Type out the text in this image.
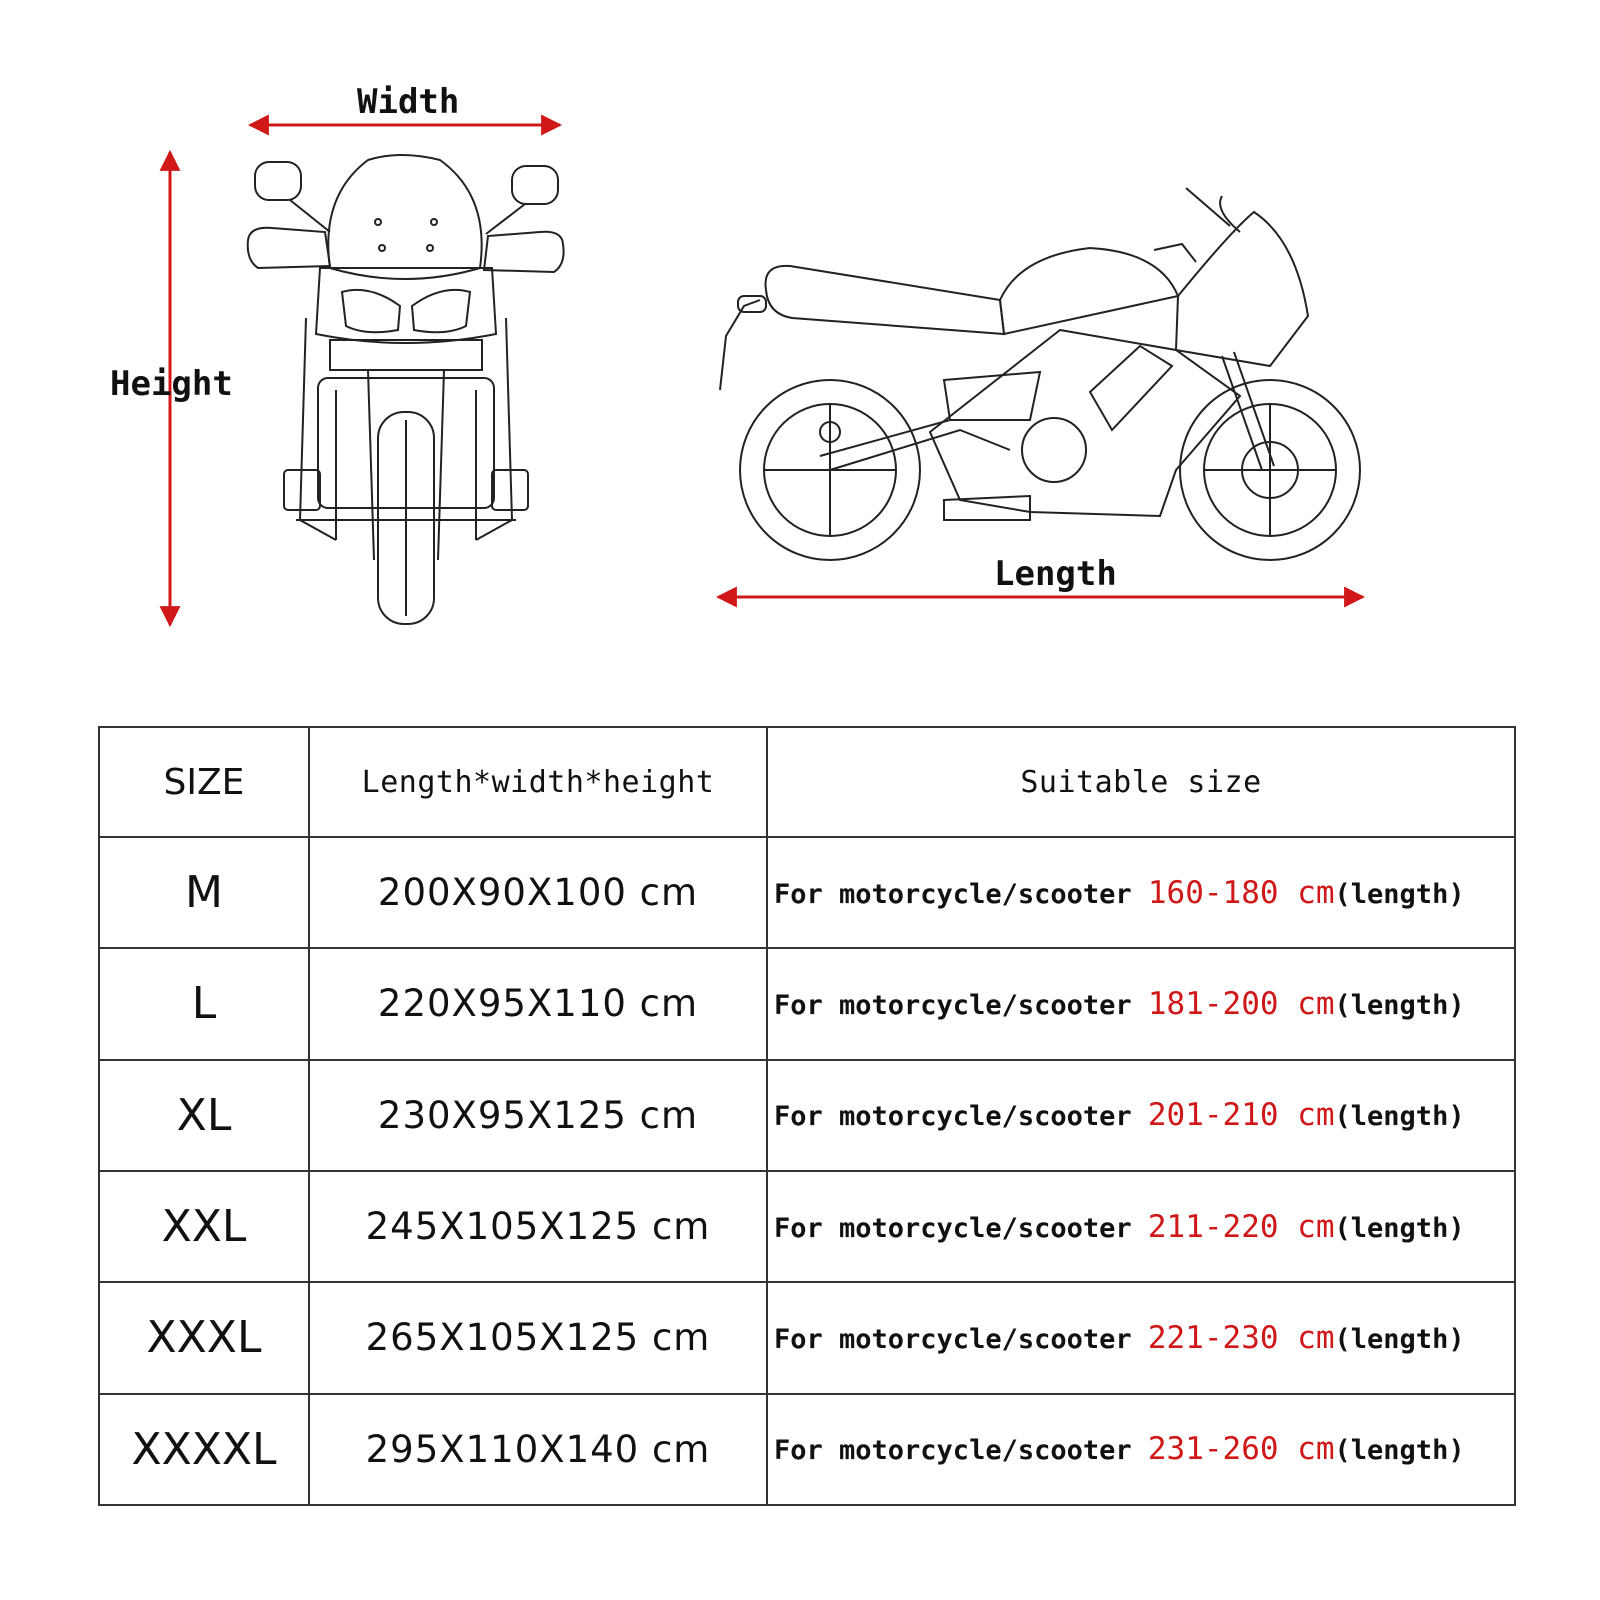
Width
Height
Length
SIZE	Length*width*height	Suitable size
M	200X90X100 cm	For motorcycle/scooter 160-180 cm(length)
L	220X95X110 cm	For motorcycle/scooter 181-200 cm(length)
XL	230X95X125 cm	For motorcycle/scooter 201-210 cm(length)
XXL	245X105X125 cm	For motorcycle/scooter 211-220 cm(length)
XXXL	265X105X125 cm	For motorcycle/scooter 221-230 cm(length)
XXXXL	295X110X140 cm	For motorcycle/scooter 231-260 cm(length)
